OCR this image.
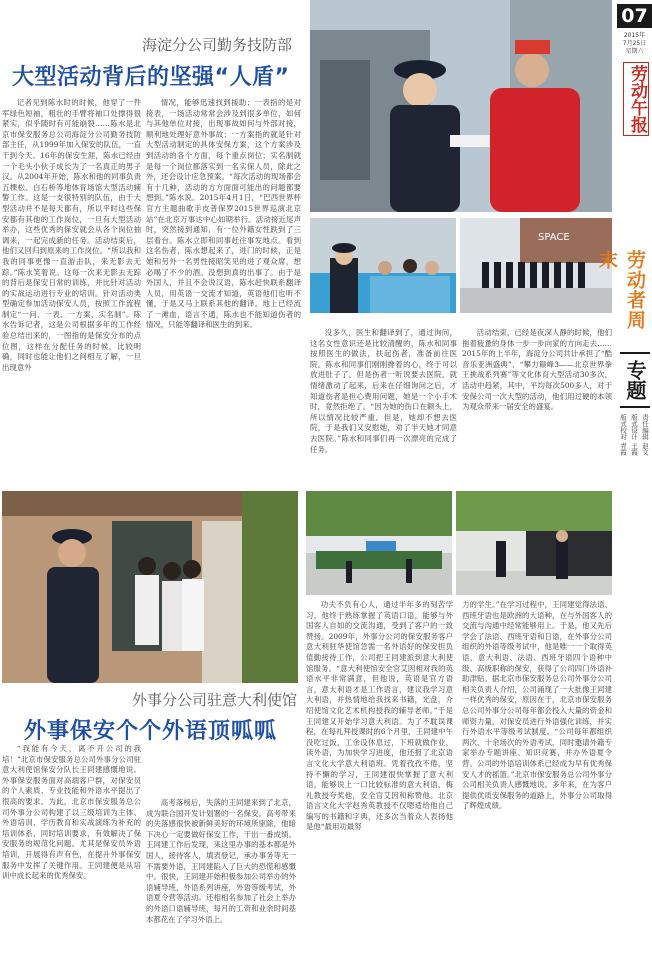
海淀分公司勤务技防部
大型活动背后的坚强“人盾”
记者见到陈水时的时候，他穿了一件军绿色短袖，粗壮的手臂将袖口处撑得很紧实，似乎随时有可能崩裂……陈水是北京市保安服务总公司海淀分公司勤务技防部主任，从1999年加入保安的队伍，一直干到今天。16年的保安生涯，陈水已经由一个毛头小伙子成长为了一名真正的男子汉。从2004年开始，陈水和他的同事负责五棵松、白石桥等地体育场馆大型活动辅警工作。这是一支很特别的队伍，由于大型活动并不是每天都有，所以平时这些保安都有其他的工作岗位，一旦有大型活动举办，这些优秀的保安就会从各个岗位抽调来，一起完成新的任务。活动结束后，他们又回归到原来的工作岗位。“所以我和我的同事更像一直游击队，来无影去无踪。”陈水笑着说。这每一次来无影去无踪的背后是保安日常的训练，并比针对活动的实战运动进行专业的培训。针对活动类型确定参加活动保安人员，按照工作流程制定“一问、一表、一方案、实名制”。陈水告诉记者，这是公司根据多年的工作经验总结出来的，一图指的是保安分布的点位图，这样在分配任务的时候，比较明确，同时也能让他们之间相互了解，一旦出现意外
情况，能够迅速找到援助；一表指的是对接表，一场活动常常会涉及到很多单位，如何与其他单位对接，出现事故如何与外部对接，顺利地处理好意外事故；一方案指的就是针对大型活动制定的具体安保方案，这个方案涉及到活动的各个方面，每个重点岗位；实名制就是每一个岗位都落实到一名实保人员，除此之外，还会设计应急预案。“每次活动的现场都会有十几种，活动的方方面面可能出的问题都要想到。”陈水说。2015年4月1日，“巴西世界杯官方主题曲歌手皮普保罗2015世界巡演北京站”在北京万事达中心如期举行。活动接近尾声时，突然接到通知，有一位外籍女性跌到了三层看台。陈水立即和同事赶往事发地点。看到这名伤者，陈水想起来了，进门的时候，正是她和另外一名男性接昭笑见的进了观众席，想必喝了不少的酒。没想到真的出事了。由于是外国人，并且不会说汉语，陈水赶快联系翻译人员，用英语一交流才知道，英语他们也听不懂，于是又马上联系其他的翻译。地上已经流了一滩血，语言不通，陈水也不能知道伤者的情况，只能等翻译和医生的到来。
SPACE
没多久，医生和翻译到了，通过询问，这名女性意识还是比较清醒的，陈水和同事按照医生的做法，扶起伤者，准备前往医院。陈水和同事们刚刚搀着的心，终于可以放进肚子了。但是伤者一听说要去医院，就情绪激动了起来，后来在仔细询问之后，才知道伤者是担心费用问题，她是一个小手术时，竟然拒绝了。“因为她的伤口在额头上，所以情况比较严重。但是，她却不想去医院，于是我们又安慰她，劝了半天她才同意去医院。”陈水和同事们再一次漂亮的完成了任务。
活动结束，已经是夜深人静的时候，他们拖着疲惫的身体一步一步向家的方向走去……2015年的上半年，海淀分公司共计承担了“酷音乐亚洲盛典”、“攀力巅峰3——北京世界拳王挑战系列赛”等文化体育大型活动30多次，活动中趋紧，其中，平均每次500多人，对于安保公司一次大型的活动，他们用过硬的本领为观众带来一届安全的盛宴。
外事分公司驻意大利使馆
外事保安个个外语顶呱呱
“我能有今天，离不开公司的我培！”北京市保安服务总公司外事分公司驻意大利使馆保安分队长王同建感慨地说。外事保安服务面对高端客户群，对保安员的个人素质、专业技能和外语水平提出了很高的要求。为此，北京市保安服务总公司外事分公司构建了以三级培训为主体、外语培训、学历教育和实战演练为补充的培训体系，同时培训要求，有效解决了保安服务的规范化问题。尤其是保安员外语培训，开展得有声有色，在提升外事保安服务中发挥了关键作用。王同建便是从培训中成长起来的优秀保安。
高考落榜后，失落的王同建来到了北京，成为联合国开发计划署的一名保安。高考带来的失落感很快被新鲜美好的环境所驱除，他暗下决心一定要做好保安工作，干出一番成绩。王同建工作后发现，来这里办事的基本都是外国人，接待客人，填表登记，承办事务等无一不需要外语，王同建陷入了巨大的恐慌和感慨中。很快，王同建开始积极参加公司举办的外语辅导班，外语系列讲座，外语等级考试，外语夏令营等活动。还相相名参加了社会上举办的外语口语辅导班，每月的工资和业余时间基本都花在了学习外语上。
功夫不负有心人，通过半年多的刻苦学习，他终于熟练掌握了英语口语，能够与外国客人自如的交流沟通，受到了客户的一致赞扬。2009年，外事分公司的保安服务客户意大利驻华使馆急需一名外语好的保安担负值勤接待工作，公司把王同建派到意大利使馆服务。“意大利使馆安全官艾因相对我的英语水平非常满意，但他说，英语是官方语言，意大利语才是工作语言，建议我学习意大利语，并热情地给我找来书籍，光盘，介绍使馆文化艺术机构授我的辅导老师。”于是王同建又开始学习意大利语。为了不耽误课程，在每礼拜授课时的6个月里，王同建中午没吃过饭，工余设休息过，下班就做作业，读外语，为加快学习进度，他还报了北京语言文化大学意大利语班。凭着孜孜不倦，坚持不懈的学习，王同建很快掌握了意大利语，能够说上一口比较标准的意大利语，梅礼教授夸奖他，安全官艾因和称赞他。北京语言文化大学赵秀英教授不仅嗯适给他自己编写的书籍和字典，还多次当着众人表扬他是他“最用功最努
力的学生。”在学习过程中，王同建觉得法语、西班牙语也是欧洲的大语种，在与外国客人的交流与沟通中经常能够用上。于是，他又先后学会了法语、西班牙语和日语，在外事分公司组织的外语等级考试中，他是唯一一个取得英语，意大利语、法语、西班牙语四个语种中级、高级职称的保安，获得了公司四门外语补助津贴。据北京市保安服务总公司外事分公司相关负责人介绍，公司涌现了一大批像王同建一样优秀的保安，原因在于，北京市保安服务总公司外事分公司每年都会投入大量的资金和师资力量，对保安员进行外语强化训练，并实行外语水平等级考试制度。“公司每年都组织两次、十余场次的外语考试，同时邀请外籍专家举办专题讲座、知识竞赛，并办外语夏令营。公司的外语培训体系已经成为早有优秀保安人才的摇篮。”北京市保安服务总公司外事分公司相关负责人感慨地说。多年来，在为客户提供优质安保服务的道路上，外事分公司取得了辉煌成绩。
07
2015年
7月25日
星期六
劳动午报
劳动者周末
专题
责任编辑 赵文
版式设计 王霞
版式校对 青霞
